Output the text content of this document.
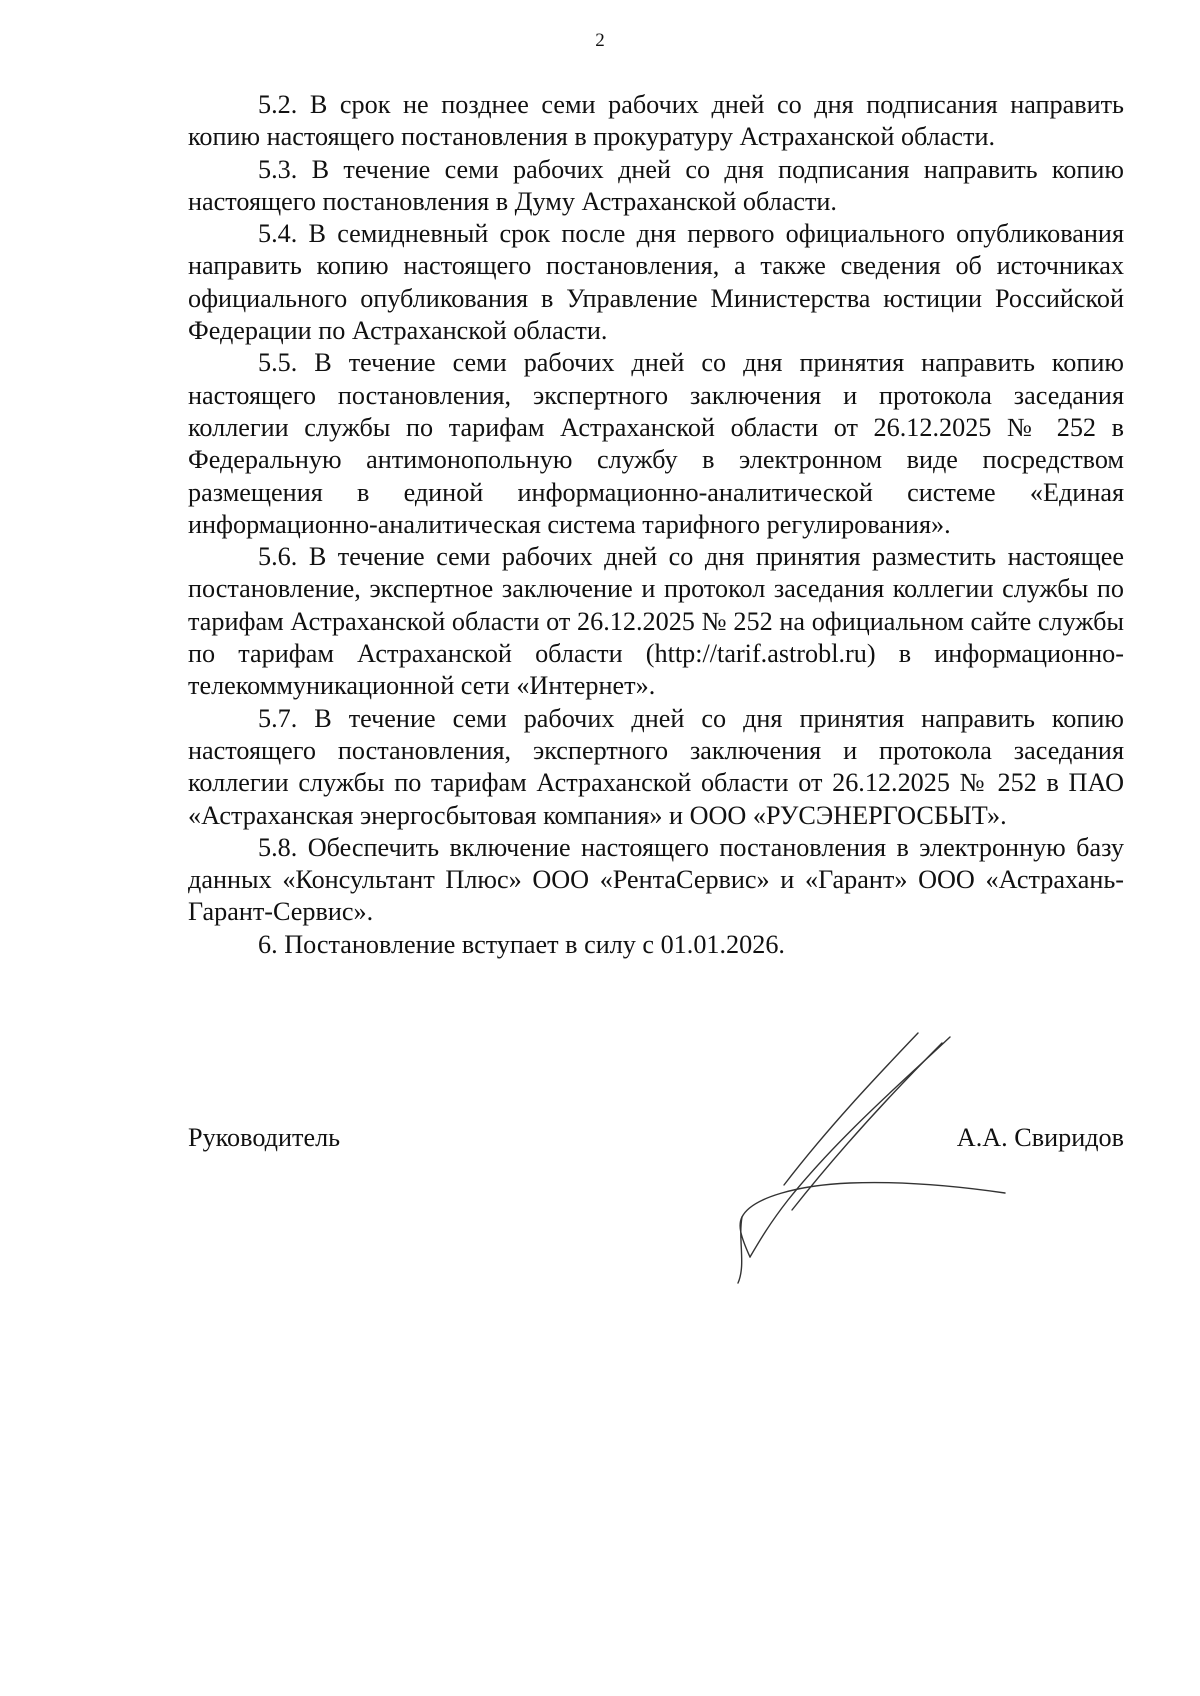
2

5.2. В срок не позднее семи рабочих дней со дня подписания направить копию настоящего постановления в прокуратуру Астраханской области.

5.3. В течение семи рабочих дней со дня подписания направить копию настоящего постановления в Думу Астраханской области.

5.4. В семидневный срок после дня первого официального опубликования направить копию настоящего постановления, а также сведения об источниках официального опубликования в Управление Министерства юстиции Российской Федерации по Астраханской области.

5.5. В течение семи рабочих дней со дня принятия направить копию настоящего постановления, экспертного заключения и протокола заседания коллегии службы по тарифам Астраханской области от 26.12.2025 № 252 в Федеральную антимонопольную службу в электронном виде посредством размещения в единой информационно-аналитической системе «Единая информационно-аналитическая система тарифного регулирования».

5.6. В течение семи рабочих дней со дня принятия разместить настоящее постановление, экспертное заключение и протокол заседания коллегии службы по тарифам Астраханской области от 26.12.2025 № 252 на официальном сайте службы по тарифам Астраханской области (http://tarif.astrobl.ru) в информационно-телекоммуникационной сети «Интернет».

5.7. В течение семи рабочих дней со дня принятия направить копию настоящего постановления, экспертного заключения и протокола заседания коллегии службы по тарифам Астраханской области от 26.12.2025 № 252 в ПАО «Астраханская энергосбытовая компания» и ООО «РУСЭНЕРГОСБЫТ».

5.8. Обеспечить включение настоящего постановления в электронную базу данных «Консультант Плюс» ООО «РентаСервис» и «Гарант» ООО «Астрахань-Гарант-Сервис».

6. Постановление вступает в силу с 01.01.2026.

Руководитель	А.А. Свиридов
